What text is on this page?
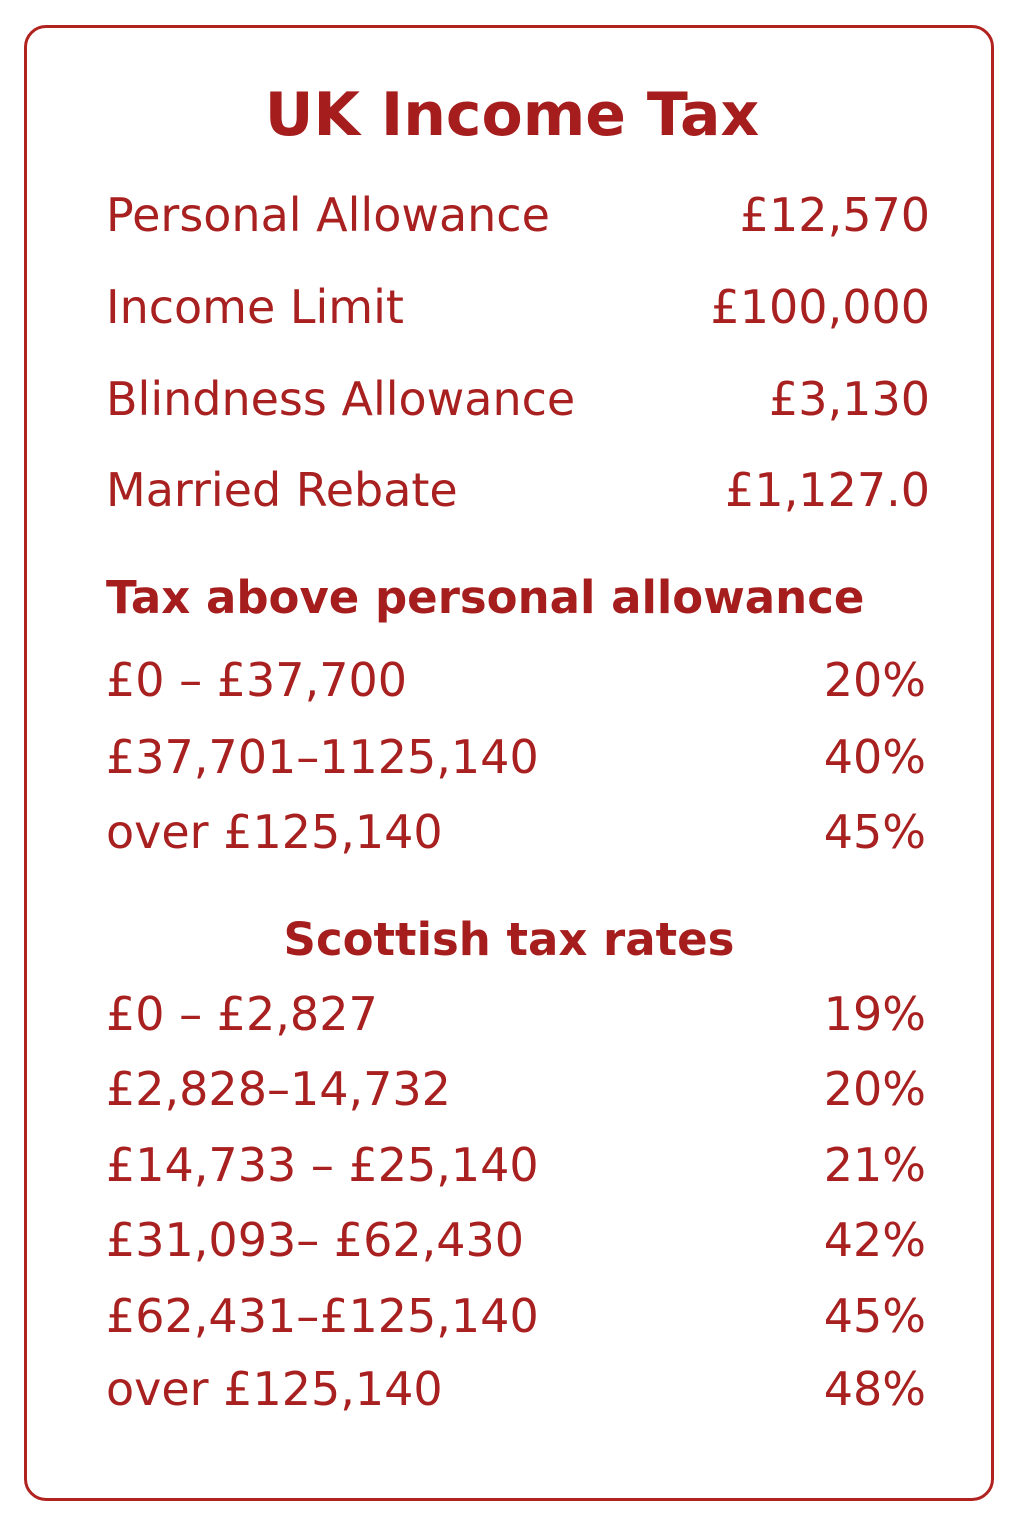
UK Income Tax
Personal Allowance	£12,570
Income Limit	£100,000
Blindness Allowance	£3,130
Married Rebate	£1,127.0
Tax above personal allowance
£0 – £37,700	20%
£37,701–1125,140	40%
over £125,140	45%
Scottish tax rates
£0 – £2,827	19%
£2,828–14,732	20%
£14,733 – £25,140	21%
£31,093– £62,430	42%
£62,431–£125,140	45%
over £125,140	48%
